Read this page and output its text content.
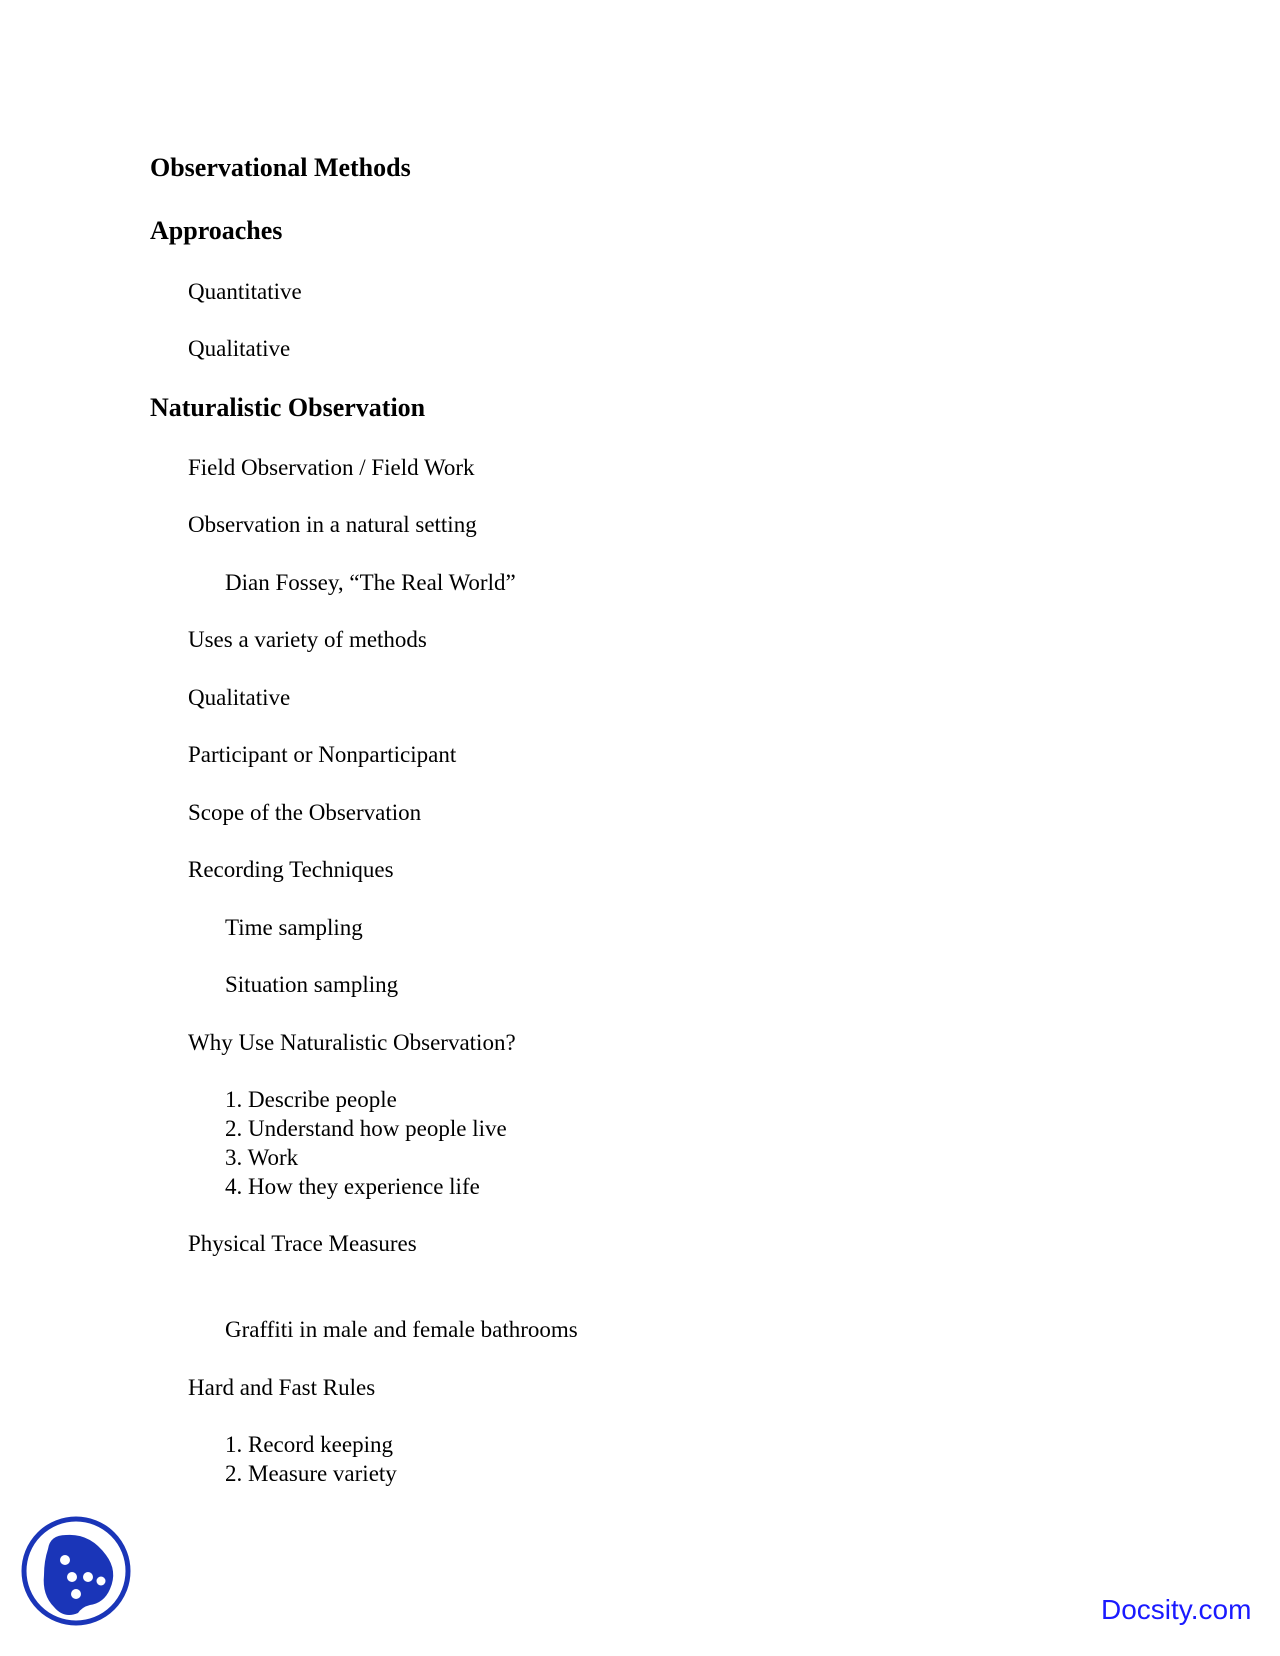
Observational Methods
Approaches
Quantitative
Qualitative
Naturalistic Observation
Field Observation / Field Work
Observation in a natural setting
Dian Fossey, “The Real World”
Uses a variety of methods
Qualitative
Participant or Nonparticipant
Scope of the Observation
Recording Techniques
Time sampling
Situation sampling
Why Use Naturalistic Observation?
1. Describe people
2. Understand how people live
3. Work
4. How they experience life
Physical Trace Measures
Graffiti in male and female bathrooms
Hard and Fast Rules
1. Record keeping
2. Measure variety
Docsity.com
